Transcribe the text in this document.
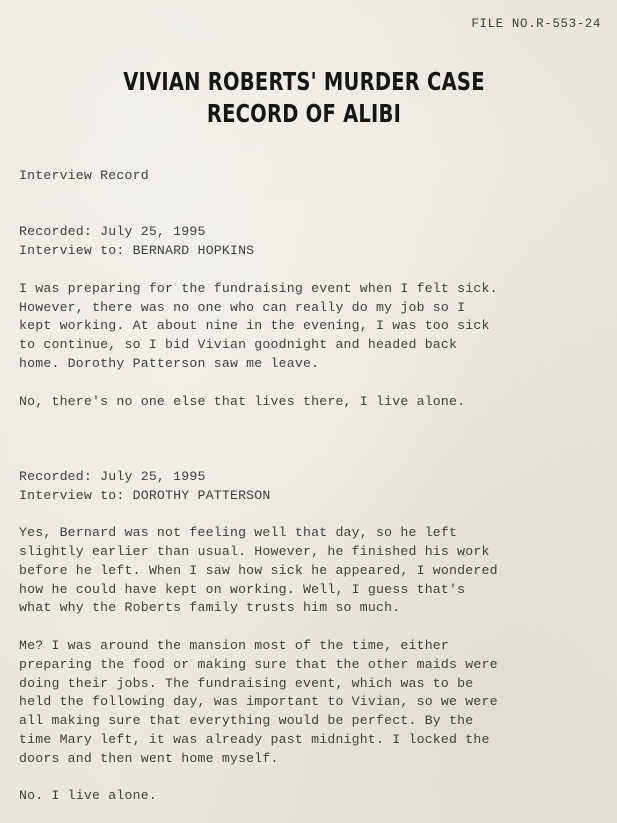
FILE NO.R-553-24
VIVIAN ROBERTS' MURDER CASE
RECORD OF ALIBI
Interview Record
Recorded: July 25, 1995
Interview to: BERNARD HOPKINS
I was preparing for the fundraising event when I felt sick.
However, there was no one who can really do my job so I
kept working. At about nine in the evening, I was too sick
to continue, so I bid Vivian goodnight and headed back
home. Dorothy Patterson saw me leave.
No, there's no one else that lives there, I live alone.
Recorded: July 25, 1995
Interview to: DOROTHY PATTERSON
Yes, Bernard was not feeling well that day, so he left
slightly earlier than usual. However, he finished his work
before he left. When I saw how sick he appeared, I wondered
how he could have kept on working. Well, I guess that's
what why the Roberts family trusts him so much.
Me? I was around the mansion most of the time, either
preparing the food or making sure that the other maids were
doing their jobs. The fundraising event, which was to be
held the following day, was important to Vivian, so we were
all making sure that everything would be perfect. By the
time Mary left, it was already past midnight. I locked the
doors and then went home myself.
No. I live alone.
